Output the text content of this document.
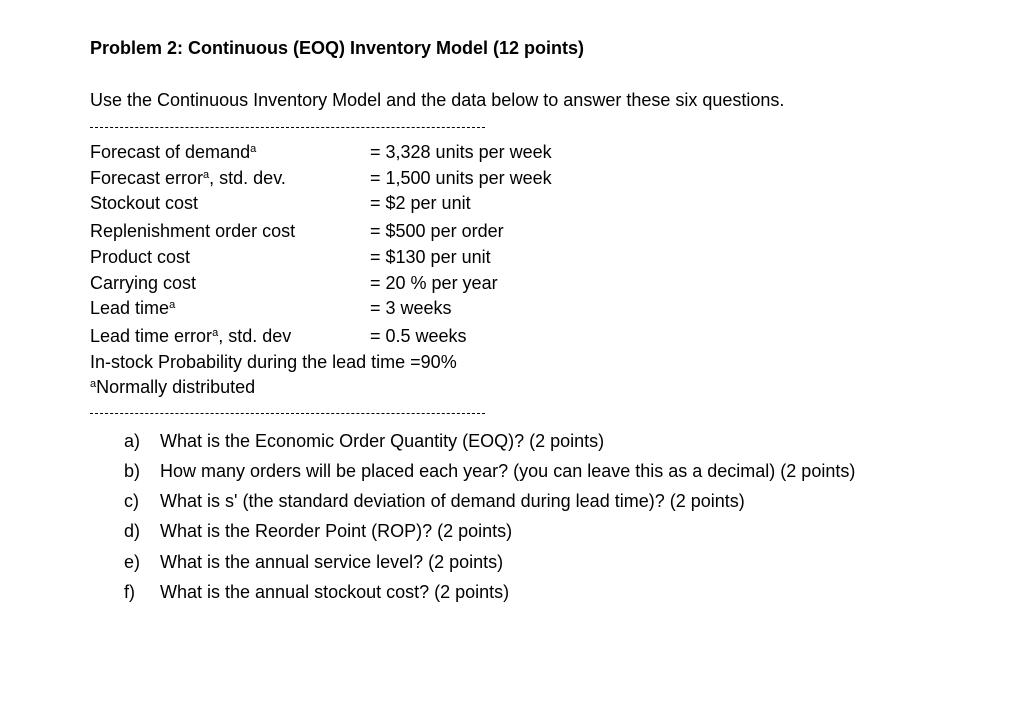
Problem 2: Continuous (EOQ) Inventory Model (12 points)
Use the Continuous Inventory Model and the data below to answer these six questions.
Forecast of demand$^a$	= 3,328 units per week
Forecast error$^a$, std. dev.	= 1,500 units per week
Stockout cost	= $2 per unit
Replenishment order cost	= $500 per order
Product cost	= $130 per unit
Carrying cost	= 20 % per year
Lead time$^a$	= 3 weeks
Lead time error$^a$, std. dev	= 0.5 weeks
In-stock Probability during the lead time =90%
$^a$Normally distributed
a) What is the Economic Order Quantity (EOQ)? (2 points)
b) How many orders will be placed each year? (you can leave this as a decimal) (2 points)
c) What is s' (the standard deviation of demand during lead time)? (2 points)
d) What is the Reorder Point (ROP)? (2 points)
e) What is the annual service level? (2 points)
f) What is the annual stockout cost? (2 points)
